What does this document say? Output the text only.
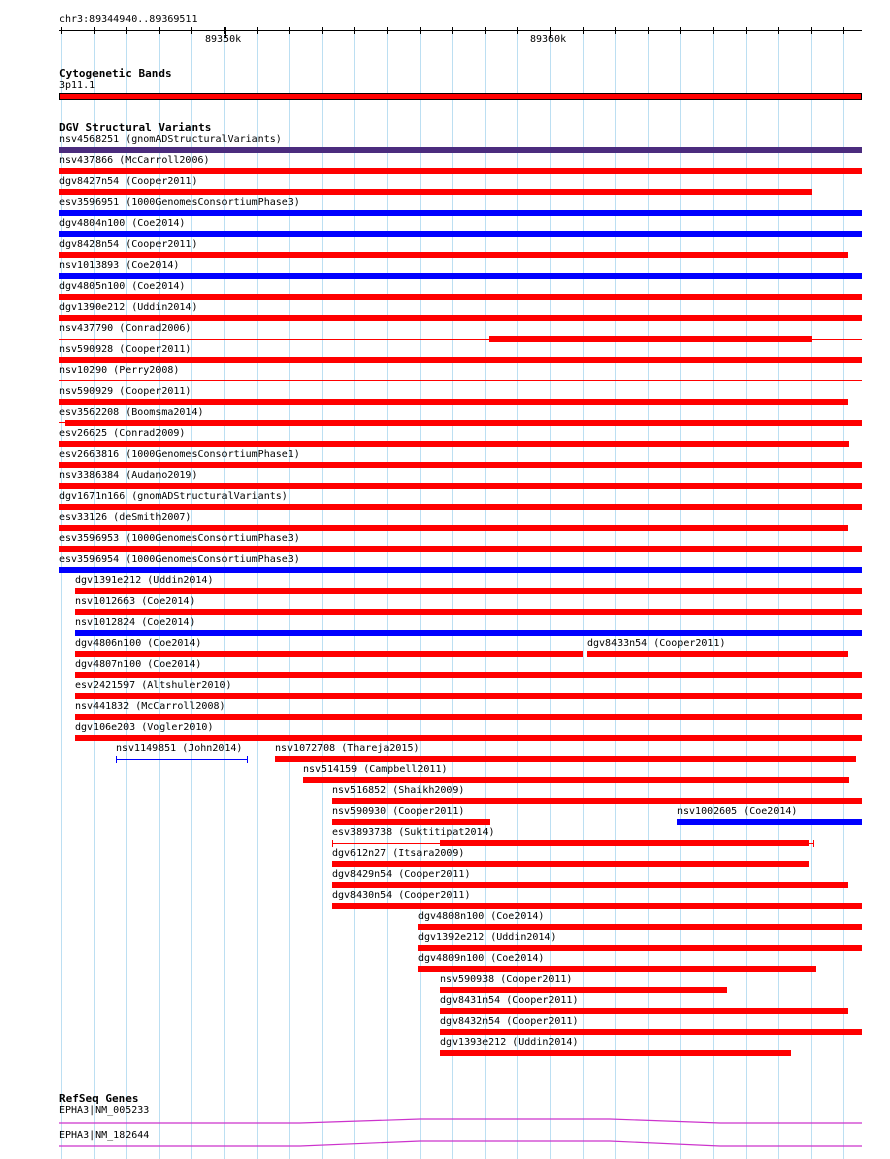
chr3:89344940..89369511
89350k	89360k
Cytogenetic Bands
3p11.1
DGV Structural Variants
nsv4568251 (gnomADStructuralVariants)
nsv437866 (McCarroll2006)
dgv8427n54 (Cooper2011)
esv3596951 (1000GenomesConsortiumPhase3)
dgv4804n100 (Coe2014)
dgv8428n54 (Cooper2011)
nsv1013893 (Coe2014)
dgv4805n100 (Coe2014)
dgv1390e212 (Uddin2014)
nsv437790 (Conrad2006)
nsv590928 (Cooper2011)
nsv10290 (Perry2008)
nsv590929 (Cooper2011)
esv3562208 (Boomsma2014)
esv26625 (Conrad2009)
esv2663816 (1000GenomesConsortiumPhase1)
nsv3386384 (Audano2019)
dgv1671n166 (gnomADStructuralVariants)
esv33126 (deSmith2007)
esv3596953 (1000GenomesConsortiumPhase3)
esv3596954 (1000GenomesConsortiumPhase3)
dgv1391e212 (Uddin2014)
nsv1012663 (Coe2014)
nsv1012824 (Coe2014)
dgv4806n100 (Coe2014)	dgv8433n54 (Cooper2011)
dgv4807n100 (Coe2014)
esv2421597 (Altshuler2010)
nsv441832 (McCarroll2008)
dgv106e203 (Vogler2010)
nsv1149851 (John2014)	nsv1072708 (Thareja2015)
nsv514159 (Campbell2011)
nsv516852 (Shaikh2009)
nsv590930 (Cooper2011)	nsv1002605 (Coe2014)
esv3893738 (Suktitipat2014)
dgv612n27 (Itsara2009)
dgv8429n54 (Cooper2011)
dgv8430n54 (Cooper2011)
dgv4808n100 (Coe2014)
dgv1392e212 (Uddin2014)
dgv4809n100 (Coe2014)
nsv590938 (Cooper2011)
dgv8431n54 (Cooper2011)
dgv8432n54 (Cooper2011)
dgv1393e212 (Uddin2014)
RefSeq Genes
EPHA3|NM_005233
EPHA3|NM_182644
